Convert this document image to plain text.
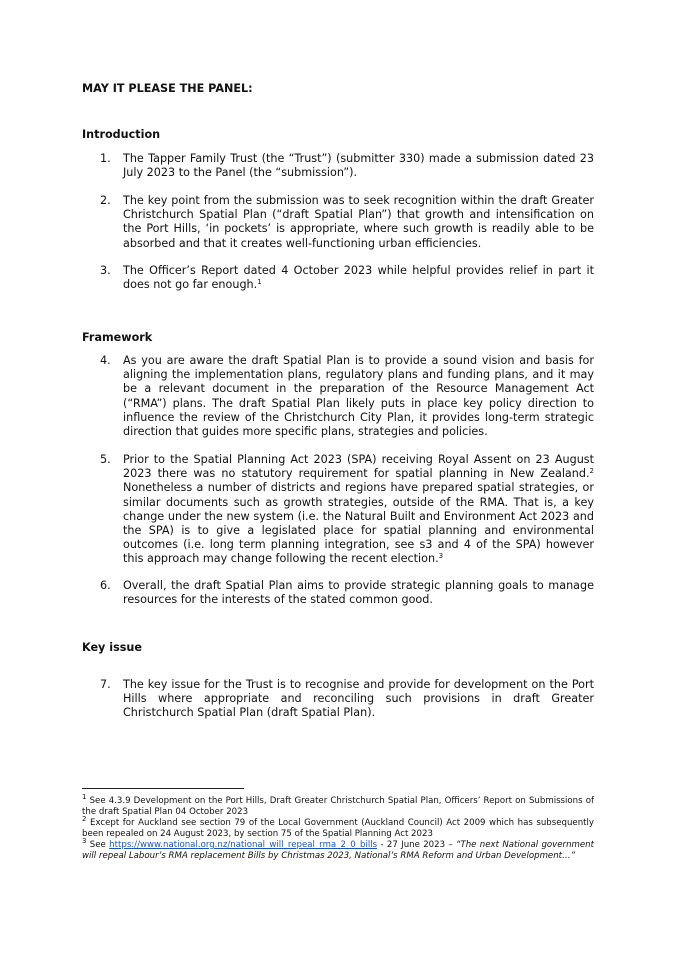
MAY IT PLEASE THE PANEL:
Introduction
1.	The Tapper Family Trust (the “Trust”) (submitter 330) made a submission dated 23 July 2023 to the Panel (the “submission”).
2.	The key point from the submission was to seek recognition within the draft Greater Christchurch Spatial Plan (“draft Spatial Plan”) that growth and intensification on the Port Hills, ‘in pockets’ is appropriate, where such growth is readily able to be absorbed and that it creates well-functioning urban efficiencies.
3.	The Officer’s Report dated 4 October 2023 while helpful provides relief in part it does not go far enough.$^1$
Framework
4.	As you are aware the draft Spatial Plan is to provide a sound vision and basis for aligning the implementation plans, regulatory plans and funding plans, and it may be a relevant document in the preparation of the Resource Management Act (“RMA”) plans. The draft Spatial Plan likely puts in place key policy direction to influence the review of the Christchurch City Plan, it provides long-term strategic direction that guides more specific plans, strategies and policies.
5.	Prior to the Spatial Planning Act 2023 (SPA) receiving Royal Assent on 23 August 2023 there was no statutory requirement for spatial planning in New Zealand.$^2$ Nonetheless a number of districts and regions have prepared spatial strategies, or similar documents such as growth strategies, outside of the RMA. That is, a key change under the new system (i.e. the Natural Built and Environment Act 2023 and the SPA) is to give a legislated place for spatial planning and environmental outcomes (i.e. long term planning integration, see s3 and 4 of the SPA) however this approach may change following the recent election.$^3$
6.	Overall, the draft Spatial Plan aims to provide strategic planning goals to manage resources for the interests of the stated common good.
Key issue
7.	The key issue for the Trust is to recognise and provide for development on the Port Hills where appropriate and reconciling such provisions in draft Greater Christchurch Spatial Plan (draft Spatial Plan).
$^1$ See 4.3.9 Development on the Port Hills, Draft Greater Christchurch Spatial Plan, Officers’ Report on Submissions of the draft Spatial Plan 04 October 2023
$^2$ Except for Auckland see section 79 of the Local Government (Auckland Council) Act 2009 which has subsequently been repealed on 24 August 2023, by section 75 of the Spatial Planning Act 2023
$^3$ See https://www.national.org.nz/national_will_repeal_rma_2_0_bills - 27 June 2023 – “The next National government will repeal Labour’s RMA replacement Bills by Christmas 2023, National’s RMA Reform and Urban Development…”
